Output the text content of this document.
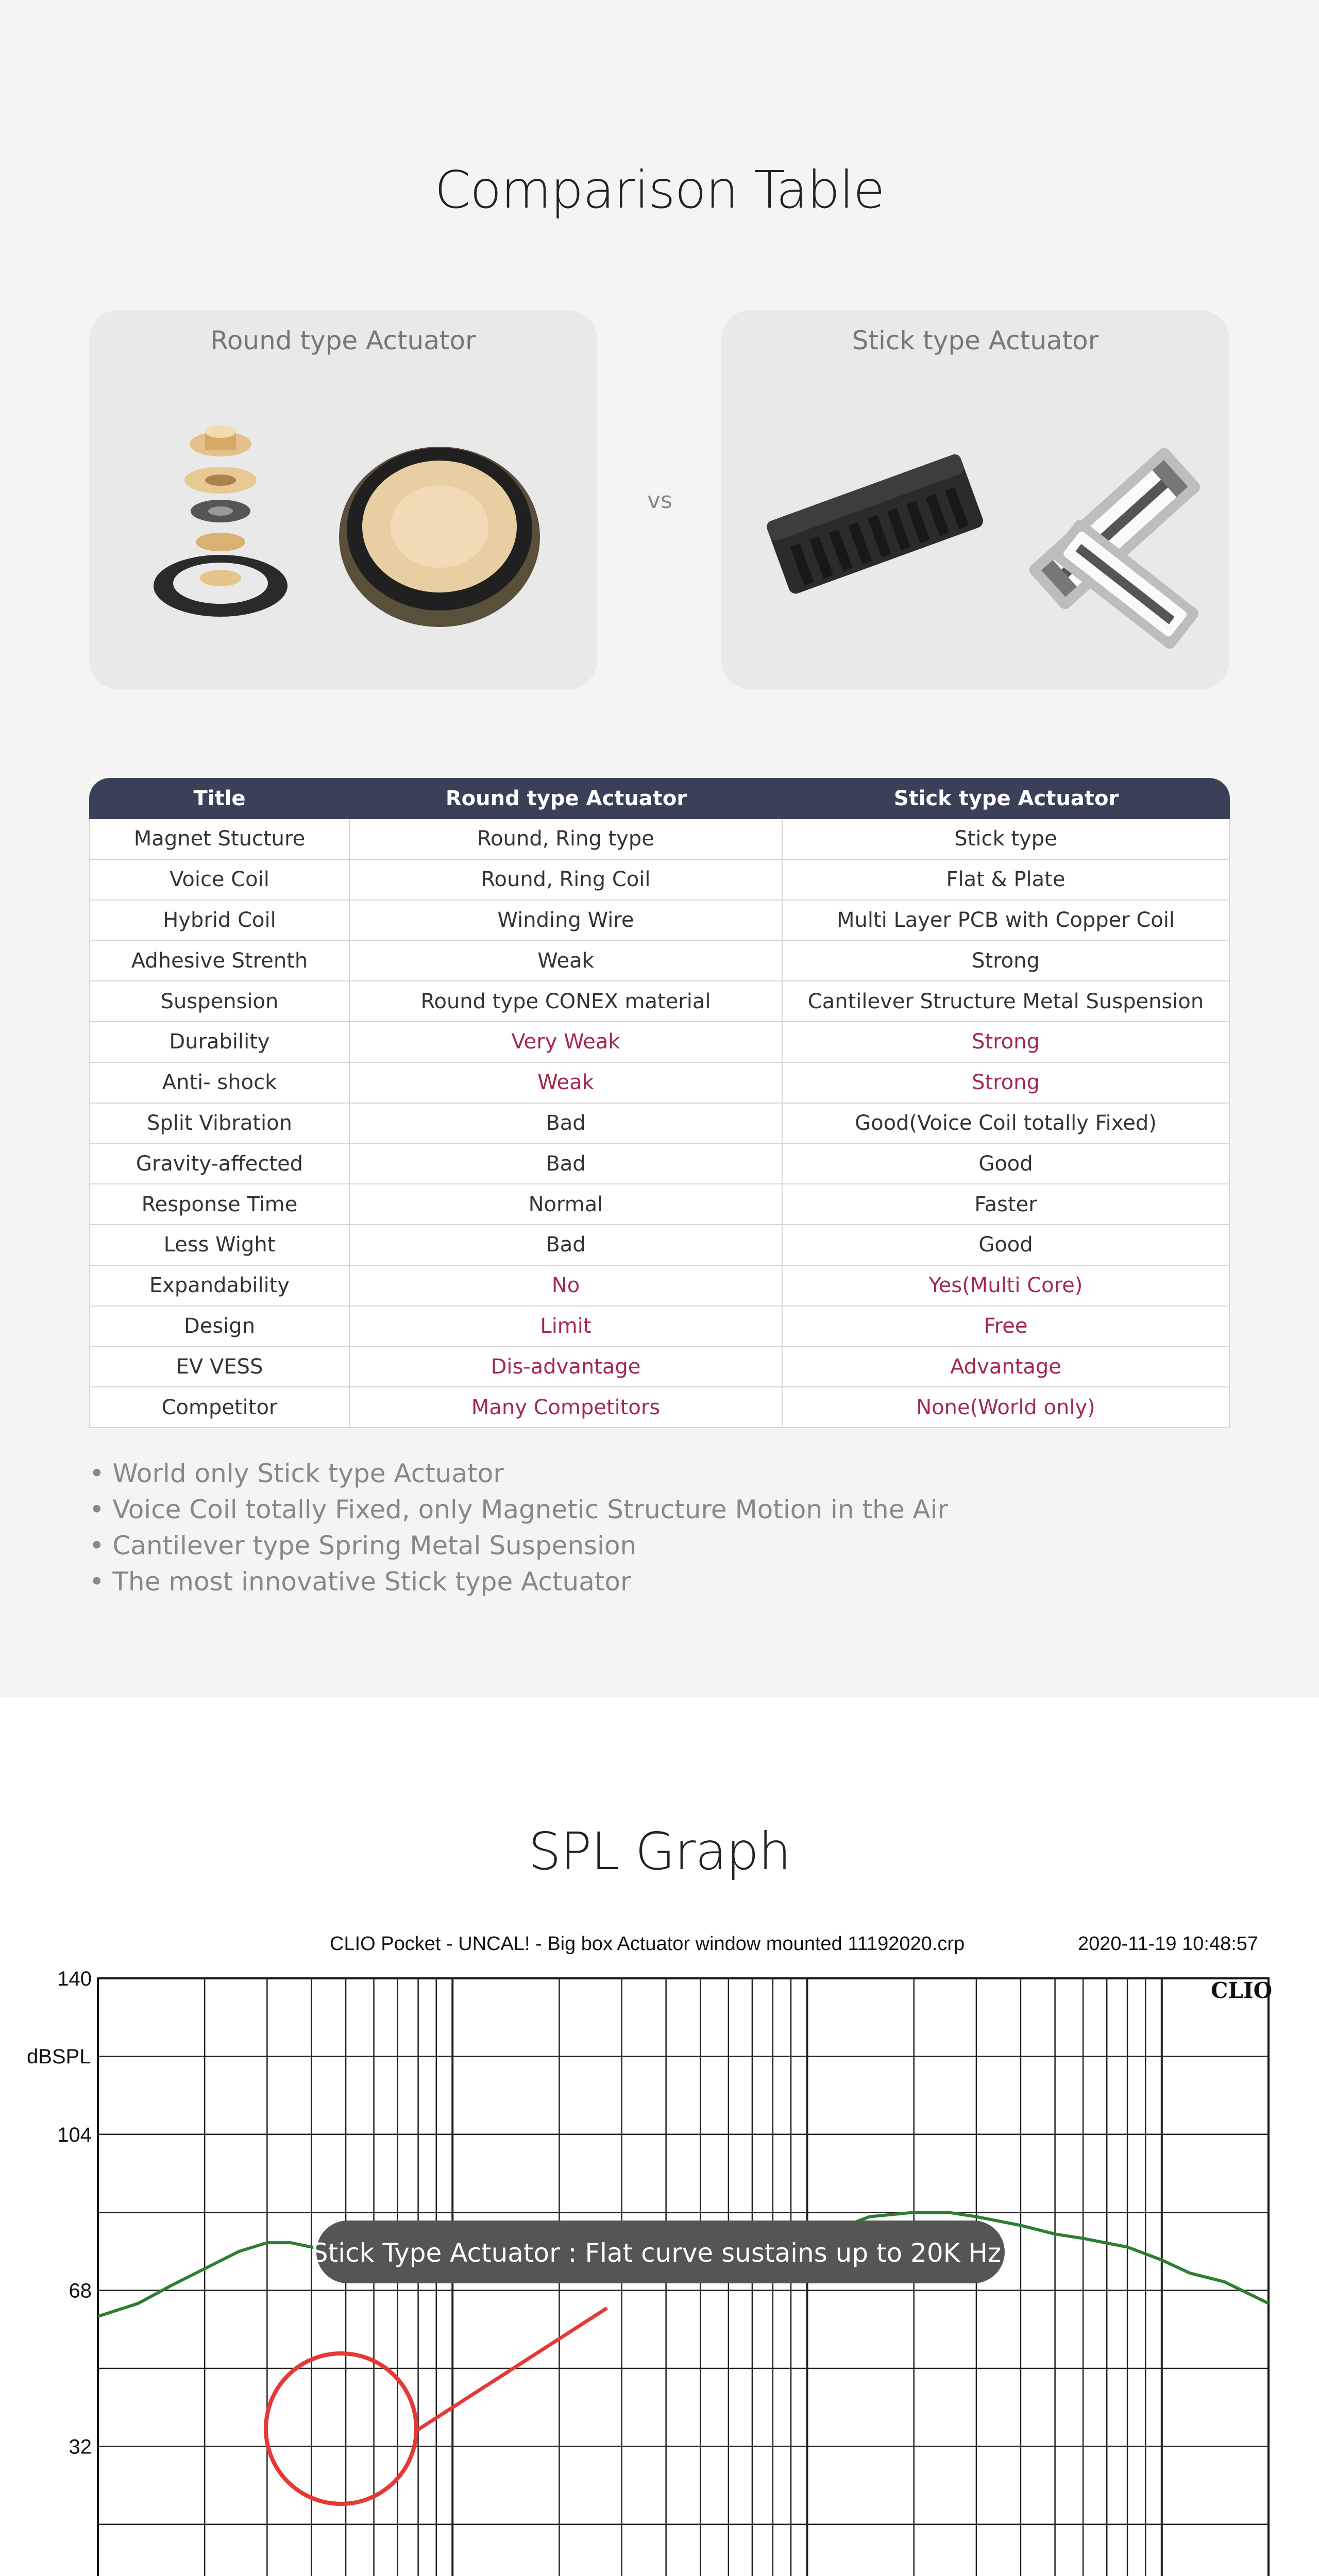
Comparison Table
Round type Actuator
vs
Stick type Actuator
Title	Round type Actuator	Stick type Actuator
Magnet Stucture	Round, Ring type	Stick type
Voice Coil	Round, Ring Coil	Flat & Plate
Hybrid Coil	Winding Wire	Multi Layer PCB with Copper Coil
Adhesive Strenth	Weak	Strong
Suspension	Round type CONEX material	Cantilever Structure Metal Suspension
Durability	Very Weak	Strong
Anti- shock	Weak	Strong
Split Vibration	Bad	Good(Voice Coil totally Fixed)
Gravity-affected	Bad	Good
Response Time	Normal	Faster
Less Wight	Bad	Good
Expandability	No	Yes(Multi Core)
Design	Limit	Free
EV VESS	Dis-advantage	Advantage
Competitor	Many Competitors	None(World only)
• World only Stick type Actuator
• Voice Coil totally Fixed, only Magnetic Structure Motion in the Air
• Cantilever type Spring Metal Suspension
• The most innovative Stick type Actuator
SPL Graph
CLIO Pocket - UNCAL! - Big box Actuator window mounted 11192020.crp	2020-11-19 10:48:57
140
104
68
32
dBSPL
CLIO
Stick Type Actuator : Flat curve sustains up to 20K Hz.
